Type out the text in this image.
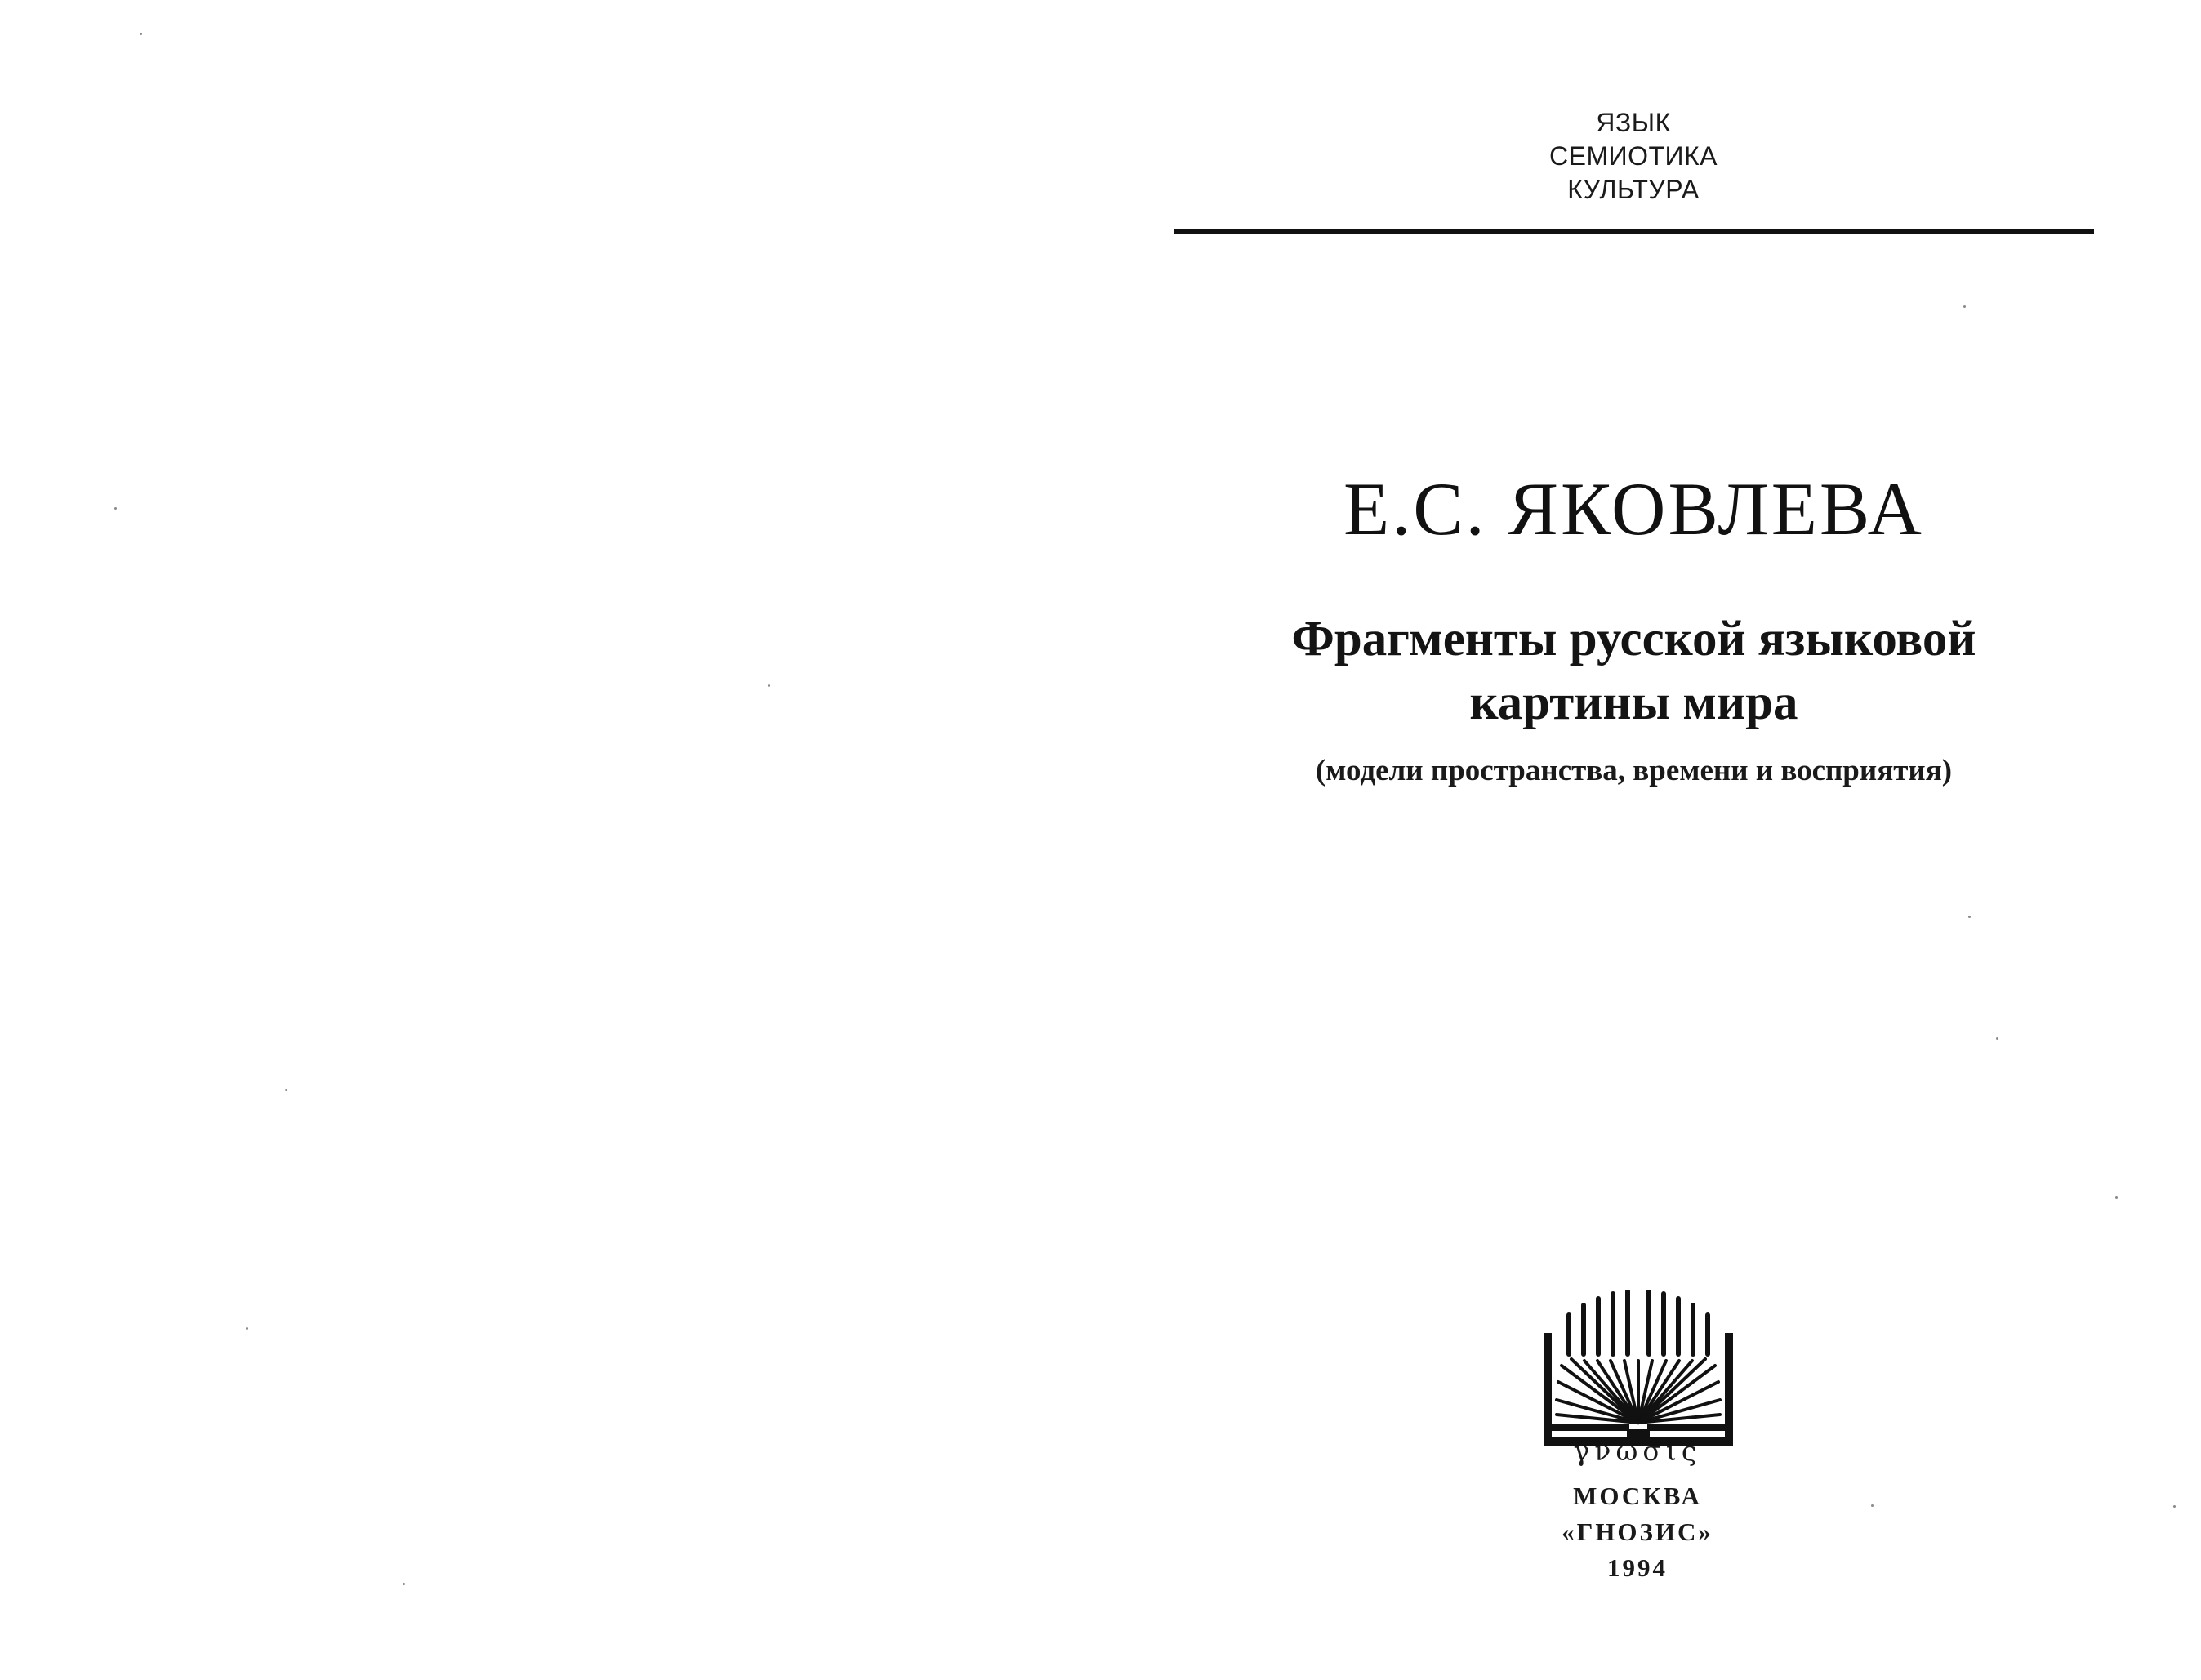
ЯЗЫК
СЕМИОТИКА
КУЛЬТУРА
Е.С. ЯКОВЛЕВА
Фрагменты русской языковой
картины мира
(модели пространства, времени и восприятия)
γνωσις
МОСКВА
«ГНОЗИС»
1994
